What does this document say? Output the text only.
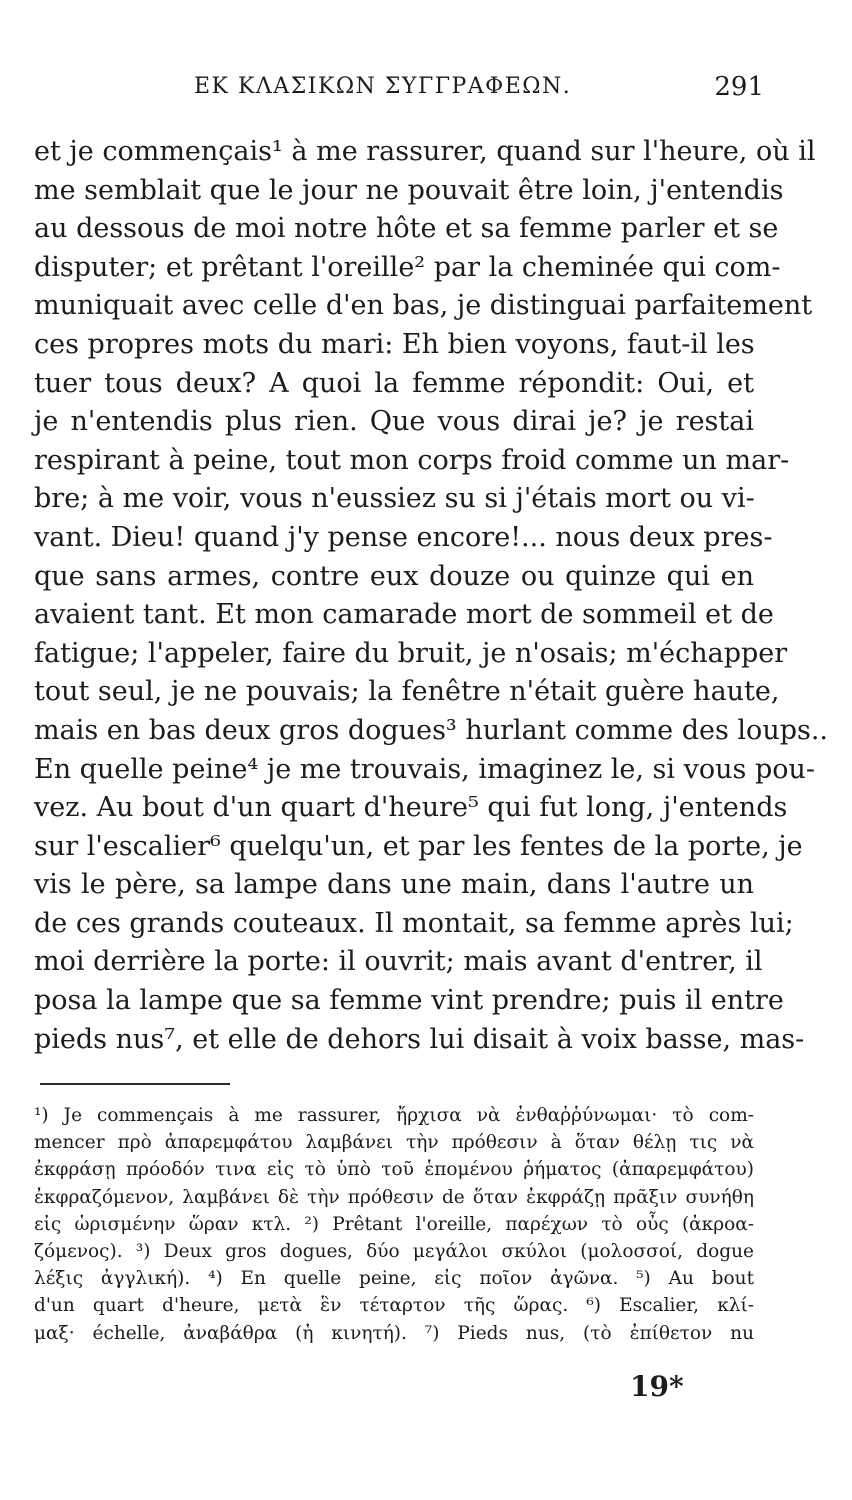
ΕΚ ΚΛΑΣΙΚΩΝ ΣΥΓΓΡΑΦΕΩΝ.	291
et je commençais¹ à me rassurer, quand sur l'heure, où il
me semblait que le jour ne pouvait être loin, j'entendis
au dessous de moi notre hôte et sa femme parler et se
disputer; et prêtant l'oreille² par la cheminée qui com-
muniquait avec celle d'en bas, je distinguai parfaitement
ces propres mots du mari: Eh bien voyons, faut-il les
tuer tous deux? A quoi la femme répondit: Oui, et
je n'entendis plus rien. Que vous dirai je? je restai
respirant à peine, tout mon corps froid comme un mar-
bre; à me voir, vous n'eussiez su si j'étais mort ou vi-
vant. Dieu! quand j'y pense encore!... nous deux pres-
que sans armes, contre eux douze ou quinze qui en
avaient tant. Et mon camarade mort de sommeil et de
fatigue; l'appeler, faire du bruit, je n'osais; m'échapper
tout seul, je ne pouvais; la fenêtre n'était guère haute,
mais en bas deux gros dogues³ hurlant comme des loups..
En quelle peine⁴ je me trouvais, imaginez le, si vous pou-
vez. Au bout d'un quart d'heure⁵ qui fut long, j'entends
sur l'escalier⁶ quelqu'un, et par les fentes de la porte, je
vis le père, sa lampe dans une main, dans l'autre un
de ces grands couteaux. Il montait, sa femme après lui;
moi derrière la porte: il ouvrit; mais avant d'entrer, il
posa la lampe que sa femme vint prendre; puis il entre
pieds nus⁷, et elle de dehors lui disait à voix basse, mas-
¹) Je commençais à me rassurer, ἤρχισα νὰ ἐνθαῤῥύνωμαι· τὸ com-
mencer πρὸ ἀπαρεμφάτου λαμβάνει τὴν πρόθεσιν à ὅταν θέλῃ τις νὰ
ἐκφράσῃ πρόοδόν τινα εἰς τὸ ὑπὸ τοῦ ἑπομένου ῥήματος (ἀπαρεμφάτου)
ἐκφραζόμενον, λαμβάνει δὲ τὴν πρόθεσιν de ὅταν ἐκφράζῃ πρᾶξιν συνήθη
εἰς ὡρισμένην ὥραν κτλ. ²) Prêtant l'oreille, παρέχων τὸ οὖς (ἀκροα-
ζόμενος). ³) Deux gros dogues, δύο μεγάλοι σκύλοι (μολοσσοί, dogue
λέξις ἀγγλική). ⁴) En quelle peine, εἰς ποῖον ἀγῶνα. ⁵) Au bout
d'un quart d'heure, μετὰ ἓν τέταρτον τῆς ὥρας. ⁶) Escalier, κλί-
μαξ· échelle, ἀναβάθρα (ἡ κινητή). ⁷) Pieds nus, (τὸ ἐπίθετον nu
19*
